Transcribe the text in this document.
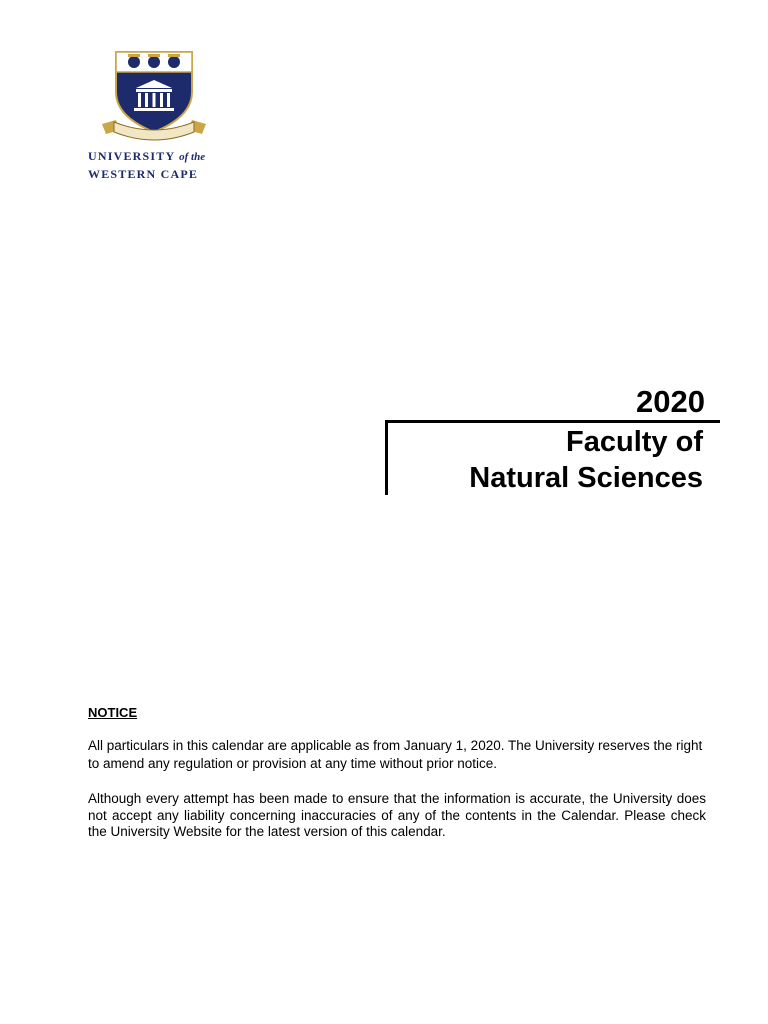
UNIVERSITY of the
WESTERN CAPE
2020
Faculty of
Natural Sciences
NOTICE
All particulars in this calendar are applicable as from January 1, 2020. The University reserves the right to amend any regulation or provision at any time without prior notice.
Although every attempt has been made to ensure that the information is accurate, the University does not accept any liability concerning inaccuracies of any of the contents in the Calendar. Please check the University Website for the latest version of this calendar.
